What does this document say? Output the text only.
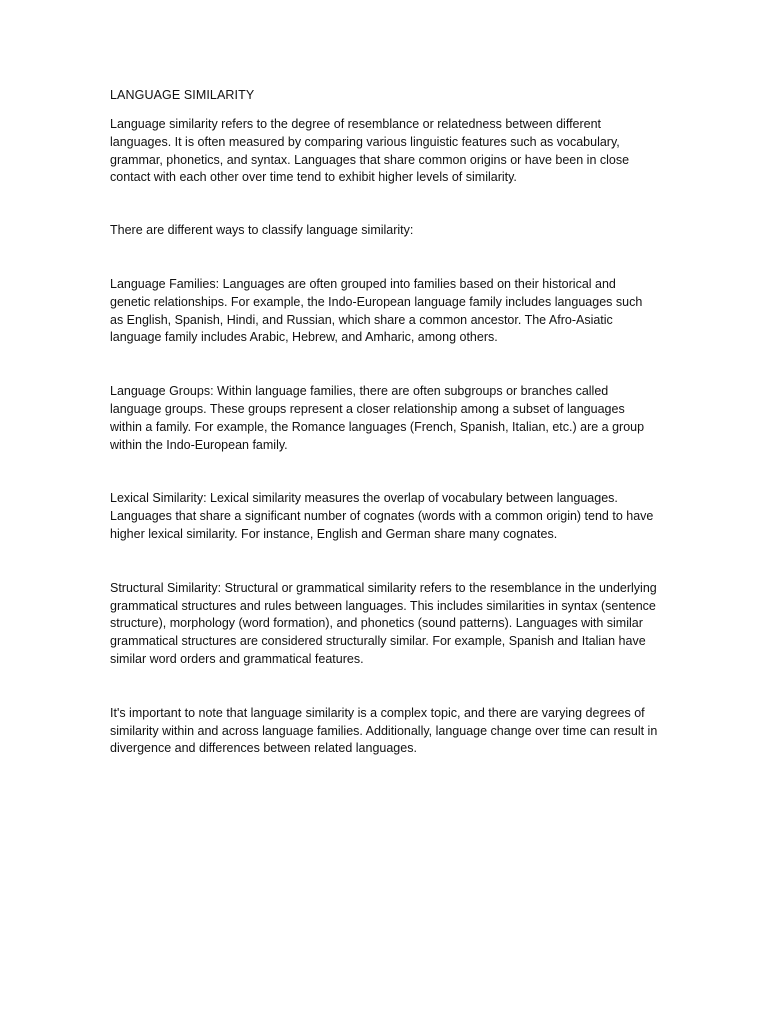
LANGUAGE SIMILARITY

Language similarity refers to the degree of resemblance or relatedness between different languages. It is often measured by comparing various linguistic features such as vocabulary, grammar, phonetics, and syntax. Languages that share common origins or have been in close contact with each other over time tend to exhibit higher levels of similarity.

There are different ways to classify language similarity:

Language Families: Languages are often grouped into families based on their historical and genetic relationships. For example, the Indo-European language family includes languages such as English, Spanish, Hindi, and Russian, which share a common ancestor. The Afro-Asiatic language family includes Arabic, Hebrew, and Amharic, among others.

Language Groups: Within language families, there are often subgroups or branches called language groups. These groups represent a closer relationship among a subset of languages within a family. For example, the Romance languages (French, Spanish, Italian, etc.) are a group within the Indo-European family.

Lexical Similarity: Lexical similarity measures the overlap of vocabulary between languages. Languages that share a significant number of cognates (words with a common origin) tend to have higher lexical similarity. For instance, English and German share many cognates.

Structural Similarity: Structural or grammatical similarity refers to the resemblance in the underlying grammatical structures and rules between languages. This includes similarities in syntax (sentence structure), morphology (word formation), and phonetics (sound patterns). Languages with similar grammatical structures are considered structurally similar. For example, Spanish and Italian have similar word orders and grammatical features.

It's important to note that language similarity is a complex topic, and there are varying degrees of similarity within and across language families. Additionally, language change over time can result in divergence and differences between related languages.
